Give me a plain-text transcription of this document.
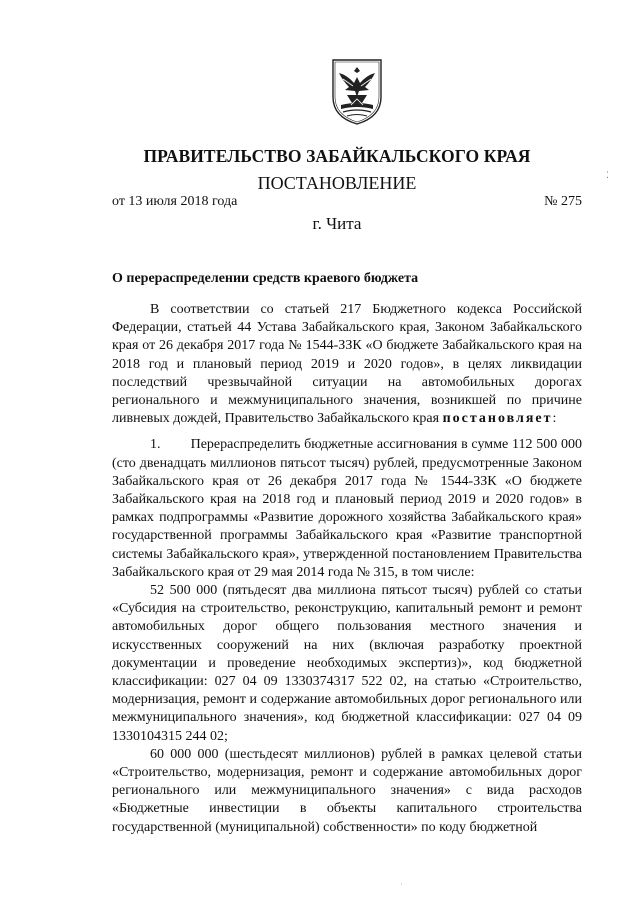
ПРАВИТЕЛЬСТВО ЗАБАЙКАЛЬСКОГО КРАЯ
ПОСТАНОВЛЕНИЕ
от 13 июля 2018 года	№ 275
г. Чита
О перераспределении средств краевого бюджета

В соответствии со статьей 217 Бюджетного кодекса Российской Федерации, статьей 44 Устава Забайкальского края, Законом Забайкальского края от 26 декабря 2017 года № 1544-ЗЗК «О бюджете Забайкальского края на 2018 год и плановый период 2019 и 2020 годов», в целях ликвидации последствий чрезвычайной ситуации на автомобильных дорогах регионального и межмуниципального значения, возникшей по причине ливневых дождей, Правительство Забайкальского края постановляет:

1.        Перераспределить бюджетные ассигнования в сумме 112 500 000 (сто двенадцать миллионов пятьсот тысяч) рублей, предусмотренные Законом Забайкальского края от 26 декабря 2017 года № 1544-ЗЗК «О бюджете Забайкальского края на 2018 год и плановый период 2019 и 2020 годов» в рамках подпрограммы «Развитие дорожного хозяйства Забайкальского края» государственной программы Забайкальского края «Развитие транспортной системы Забайкальского края», утвержденной постановлением Правительства Забайкальского края от 29 мая 2014 года № 315, в том числе:

52 500 000 (пятьдесят два миллиона пятьсот тысяч) рублей со статьи «Субсидия на строительство, реконструкцию, капитальный ремонт и ремонт автомобильных дорог общего пользования местного значения и искусственных сооружений на них (включая разработку проектной документации и проведение необходимых экспертиз)», код бюджетной классификации: 027 04 09 1330374317 522 02, на статью «Строительство, модернизация, ремонт и содержание автомобильных дорог регионального или межмуниципального значения», код бюджетной классификации: 027 04 09 1330104315 244 02;

60 000 000 (шестьдесят миллионов) рублей в рамках целевой статьи «Строительство, модернизация, ремонт и содержание автомобильных дорог регионального или межмуниципального значения» с вида расходов «Бюджетные инвестиции в объекты капитального строительства государственной (муниципальной) собственности» по коду бюджетной

⁚
·
